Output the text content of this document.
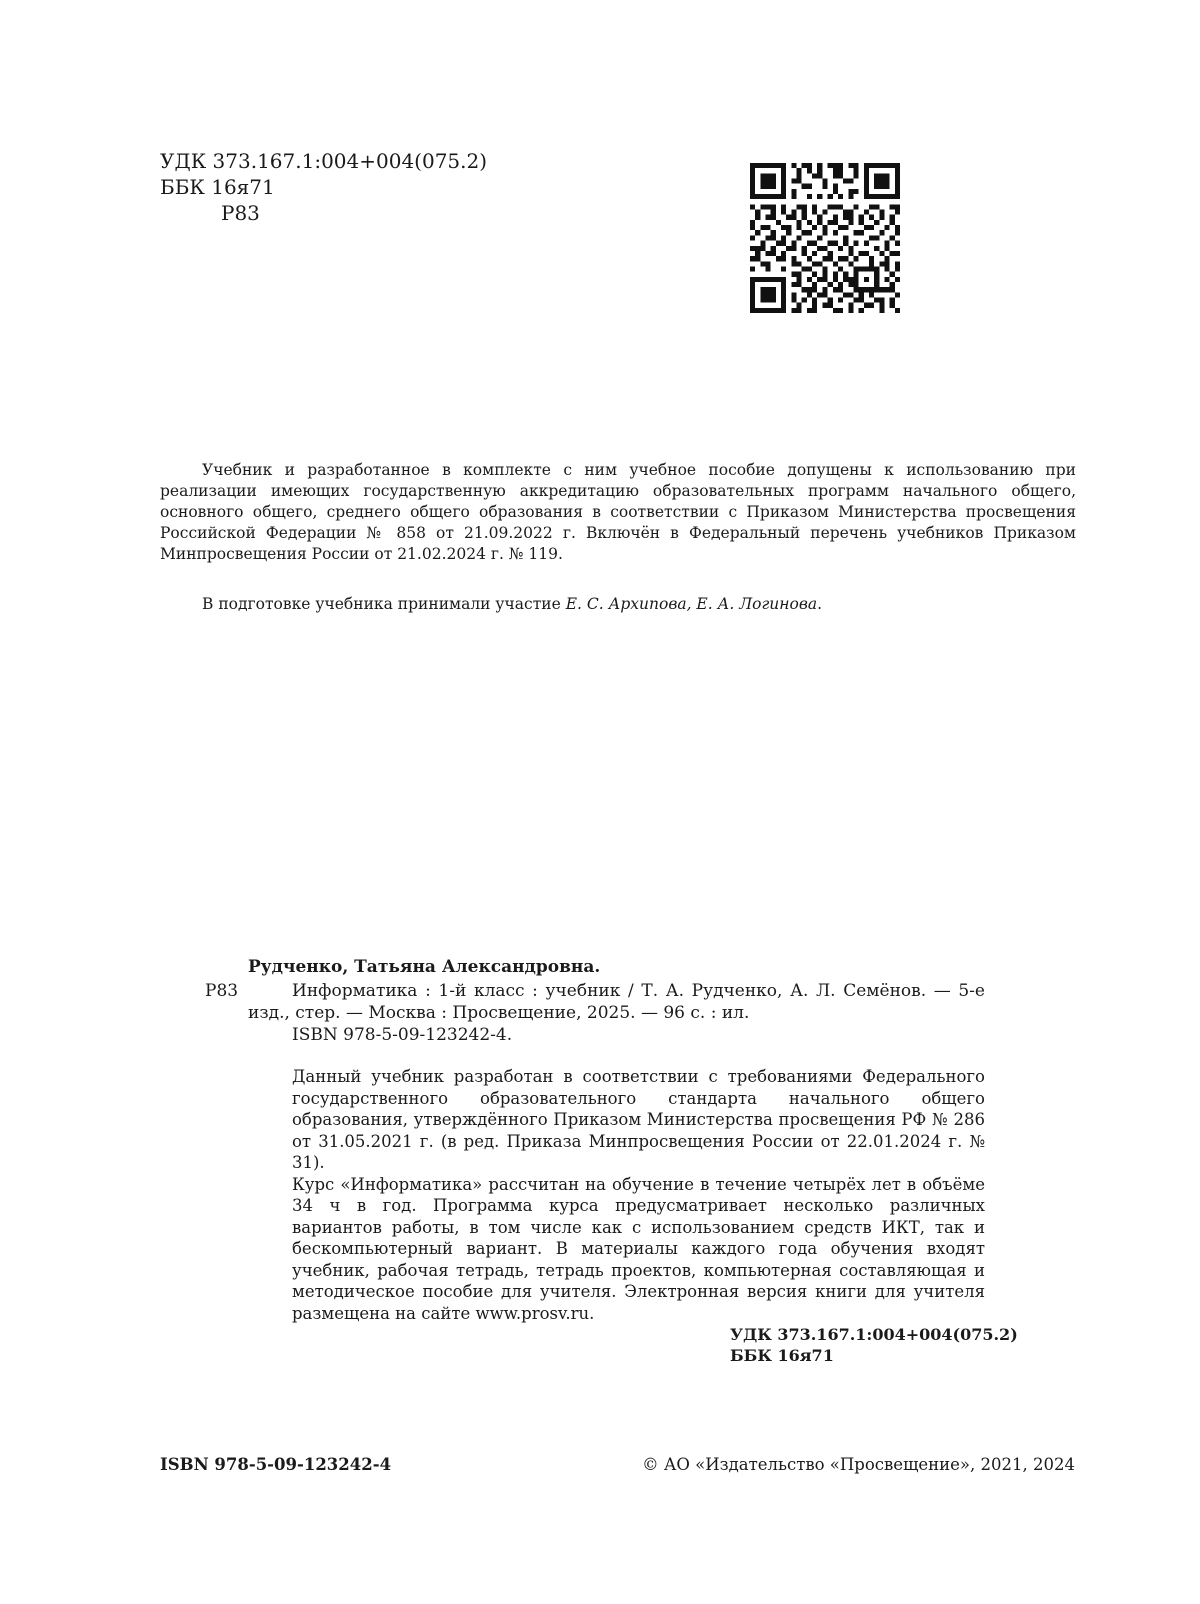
УДК 373.167.1:004+004(075.2)
ББК 16я71
Р83

Учебник и разработанное в комплекте с ним учебное пособие допущены к использованию при реализации имеющих государственную аккредитацию образовательных программ начального общего, основного общего, среднего общего образования в соответствии с Приказом Министерства просвещения Российской Федерации № 858 от 21.09.2022 г. Включён в Федеральный перечень учебников Приказом Минпросвещения России от 21.02.2024 г. № 119.

В подготовке учебника принимали участие Е. С. Архипова, Е. А. Логинова.
Рудченко, Татьяна Александровна.
Р83	Информатика : 1-й класс : учебник / Т. А. Рудченко, А. Л. Семёнов. — 5-е изд., стер. — Москва : Просвещение, 2025. — 96 с. : ил.
ISBN 978-5-09-123242-4.

Данный учебник разработан в соответствии с требованиями Федерального государственного образовательного стандарта начального общего образования, утверждённого Приказом Министерства просвещения РФ № 286 от 31.05.2021 г. (в ред. Приказа Минпросвещения России от 22.01.2024 г. № 31).

Курс «Информатика» рассчитан на обучение в течение четырёх лет в объёме 34 ч в год. Программа курса предусматривает несколько различных вариантов работы, в том числе как с использованием средств ИКТ, так и бескомпьютерный вариант. В материалы каждого года обучения входят учебник, рабочая тетрадь, тетрадь проектов, компьютерная составляющая и методическое пособие для учителя. Электронная версия книги для учителя размещена на сайте www.prosv.ru.

УДК 373.167.1:004+004(075.2)
ББК 16я71
ISBN 978-5-09-123242-4	© АО «Издательство «Просвещение», 2021, 2024
